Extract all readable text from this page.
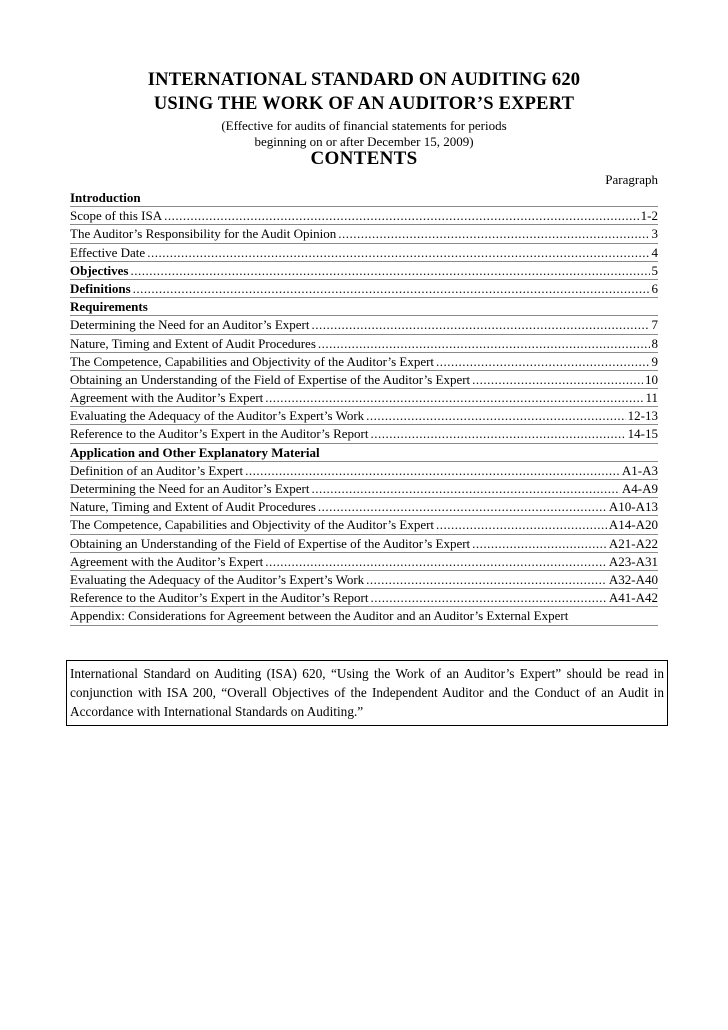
INTERNATIONAL STANDARD ON AUDITING 620
USING THE WORK OF AN AUDITOR’S EXPERT
(Effective for audits of financial statements for periods
beginning on or after December 15, 2009)
CONTENTS
Paragraph
Introduction
Scope of this ISA .....	1-2
The Auditor’s Responsibility for the Audit Opinion .....	3
Effective Date .....	4
Objectives .....	5
Definitions .....	6
Requirements
Determining the Need for an Auditor’s Expert .....	7
Nature, Timing and Extent of Audit Procedures .....	8
The Competence, Capabilities and Objectivity of the Auditor’s Expert .....	9
Obtaining an Understanding of the Field of Expertise of the Auditor’s Expert .....	10
Agreement with the Auditor’s Expert .....	11
Evaluating the Adequacy of the Auditor’s Expert’s Work .....	12-13
Reference to the Auditor’s Expert in the Auditor’s Report .....	14-15
Application and Other Explanatory Material
Definition of an Auditor’s Expert .....	A1-A3
Determining the Need for an Auditor’s Expert .....	A4-A9
Nature, Timing and Extent of Audit Procedures .....	A10-A13
The Competence, Capabilities and Objectivity of the Auditor’s Expert .....	A14-A20
Obtaining an Understanding of the Field of Expertise of the Auditor’s Expert .....	A21-A22
Agreement with the Auditor’s Expert .....	A23-A31
Evaluating the Adequacy of the Auditor’s Expert’s Work .....	A32-A40
Reference to the Auditor’s Expert in the Auditor’s Report .....	A41-A42
Appendix: Considerations for Agreement between the Auditor and an Auditor’s External Expert
International Standard on Auditing (ISA) 620, “Using the Work of an Auditor’s Expert” should be read in conjunction with ISA 200, “Overall Objectives of the Independent Auditor and the Conduct of an Audit in Accordance with International Standards on Auditing.”
